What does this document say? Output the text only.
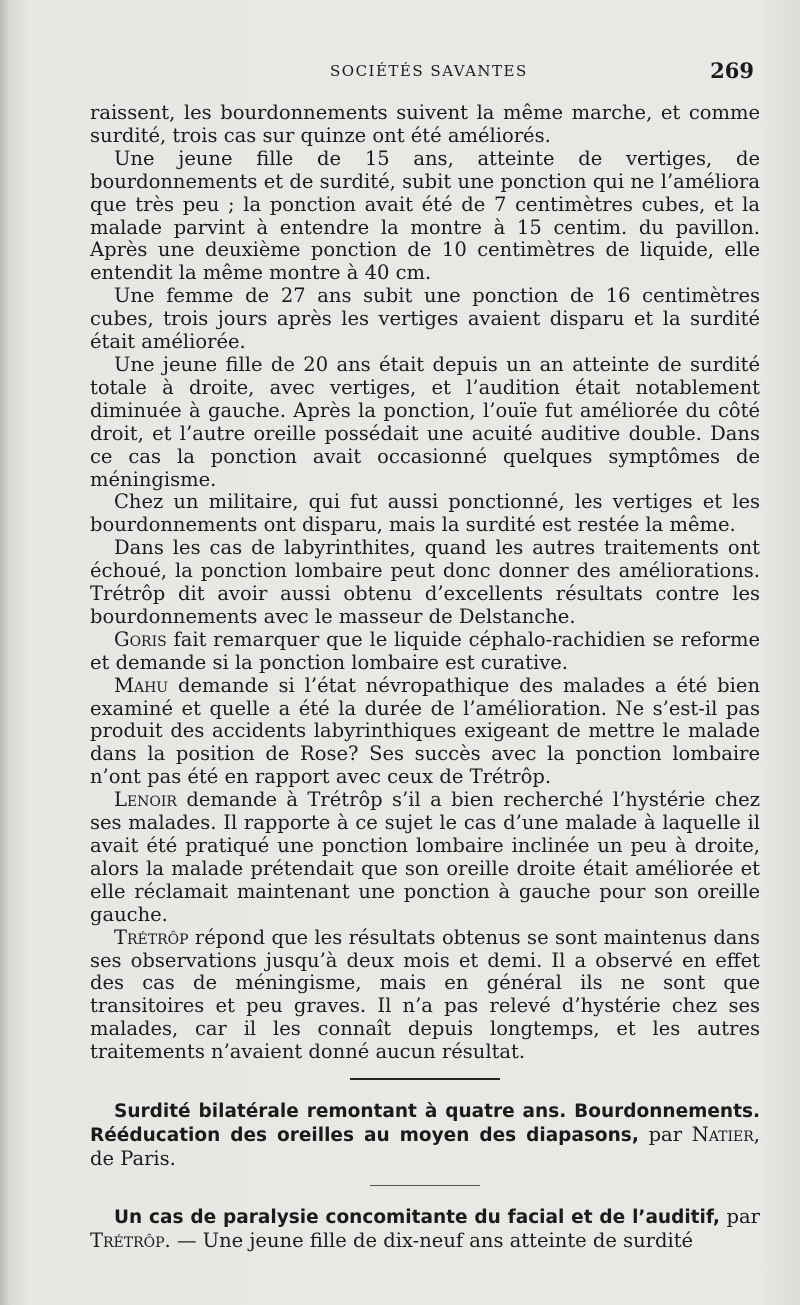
SOCIÉTÉS SAVANTES	269

raissent, les bourdonnements suivent la même marche, et comme surdité, trois cas sur quinze ont été améliorés.

Une jeune fille de 15 ans, atteinte de vertiges, de bourdonnements et de surdité, subit une ponction qui ne l’améliora que très peu ; la ponction avait été de 7 centimètres cubes, et la malade parvint à entendre la montre à 15 centim. du pavillon. Après une deuxième ponction de 10 centimètres de liquide, elle entendit la même montre à 40 cm.

Une femme de 27 ans subit une ponction de 16 centimètres cubes, trois jours après les vertiges avaient disparu et la surdité était améliorée.

Une jeune fille de 20 ans était depuis un an atteinte de surdité totale à droite, avec vertiges, et l’audition était notablement diminuée à gauche. Après la ponction, l’ouïe fut améliorée du côté droit, et l’autre oreille possédait une acuité auditive double. Dans ce cas la ponction avait occasionné quelques symptômes de méningisme.

Chez un militaire, qui fut aussi ponctionné, les vertiges et les bourdonnements ont disparu, mais la surdité est restée la même.

Dans les cas de labyrinthites, quand les autres traitements ont échoué, la ponction lombaire peut donc donner des améliorations. Trétrôp dit avoir aussi obtenu d’excellents résultats contre les bourdonnements avec le masseur de Delstanche.

Goris fait remarquer que le liquide céphalo-rachidien se reforme et demande si la ponction lombaire est curative.

Mahu demande si l’état névropathique des malades a été bien examiné et quelle a été la durée de l’amélioration. Ne s’est-il pas produit des accidents labyrinthiques exigeant de mettre le malade dans la position de Rose? Ses succès avec la ponction lombaire n’ont pas été en rapport avec ceux de Trétrôp.

Lenoir demande à Trétrôp s’il a bien recherché l’hystérie chez ses malades. Il rapporte à ce sujet le cas d’une malade à laquelle il avait été pratiqué une ponction lombaire inclinée un peu à droite, alors la malade prétendait que son oreille droite était améliorée et elle réclamait maintenant une ponction à gauche pour son oreille gauche.

Trétrôp répond que les résultats obtenus se sont maintenus dans ses observations jusqu’à deux mois et demi. Il a observé en effet des cas de méningisme, mais en général ils ne sont que transitoires et peu graves. Il n’a pas relevé d’hystérie chez ses malades, car il les connaît depuis longtemps, et les autres traitements n’avaient donné aucun résultat.

Surdité bilatérale remontant à quatre ans. Bourdonnements. Rééducation des oreilles au moyen des diapasons, par Natier, de Paris.

Un cas de paralysie concomitante du facial et de l’auditif, par Trétrôp. — Une jeune fille de dix-neuf ans atteinte de surdité
